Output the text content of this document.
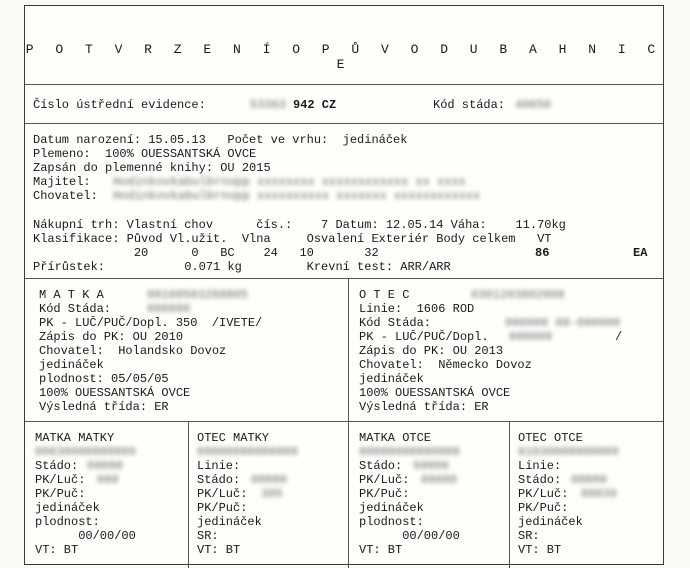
P O T V R Z E N Í O P Ů V O D U B A H N I C E
Číslo ústřední evidence:	53363 942 CZ	Kód stáda: 40650
Datum narození: 15.05.13   Počet ve vrhu:  jedináček
Plemeno:  100% OUESSANTSKÁ OVCE
Zapsán do plemenné knihy: OU 2015
Majitel: Hodinkovkabulbrnopp xxxxxxxx xxxxxxxxxxxx xx xxxx
Chovatel: Hodinkovkabulbrnopp xxxxxxxxxx xxxxxxx xxxxxxxxxxxx
Nákupní trh: Vlastní chov      čís.:    7 Datum: 12.05.14 Váha:    11.70kg
Klasifikace: Původ Vl.užit.  Vlna     Osvalení Exteriér Body celkem   VT
20      0   BC    24   10       32	86	EA
Přírůstek:           0.071 kg         Krevní test: ARR/ARR
M A T K A	00160503288805
Kód Stáda:	000000
PK - LUČ/PUČ/Dopl. 350  /IVETE/
Zápis do PK: OU 2010
Chovatel:  Holandsko Dovoz
jedináček
plodnost: 05/05/05
100% OUESSANTSKÁ OVCE
Výsledná třída: ER
O T E C	0301203802008
Linie:  1606 ROD
Kód Stáda:	000000 00-000000
PK - LUČ/PUČ/Dopl. 000000	/
Zápis do PK: OU 2013
Chovatel:  Německo Dovoz
jedináček
100% OUESSANTSKÁ OVCE
Výsledná třída: ER
MATKA MATKY
00630000000009
Stádo: 00000
PK/Luč: 000
PK/Puč:
jedináček
plodnost:
00/00/00
VT: BT
OTEC MATKY
00000000000000
Linie:
Stádo: 00000
PK/Luč: 305
PK/Puč:
jedináček
SR:
VT: BT
MATKA OTCE
00000000000000
Stádo: 99006
PK/Luč: 00000
PK/Puč:
jedináček
plodnost:
00/00/00
VT: BT
OTEC OTCE
01030000000000
Linie:
Stádo: 00000
PK/Luč: 00039
PK/Puč:
jedináček
SR:
VT: BT
